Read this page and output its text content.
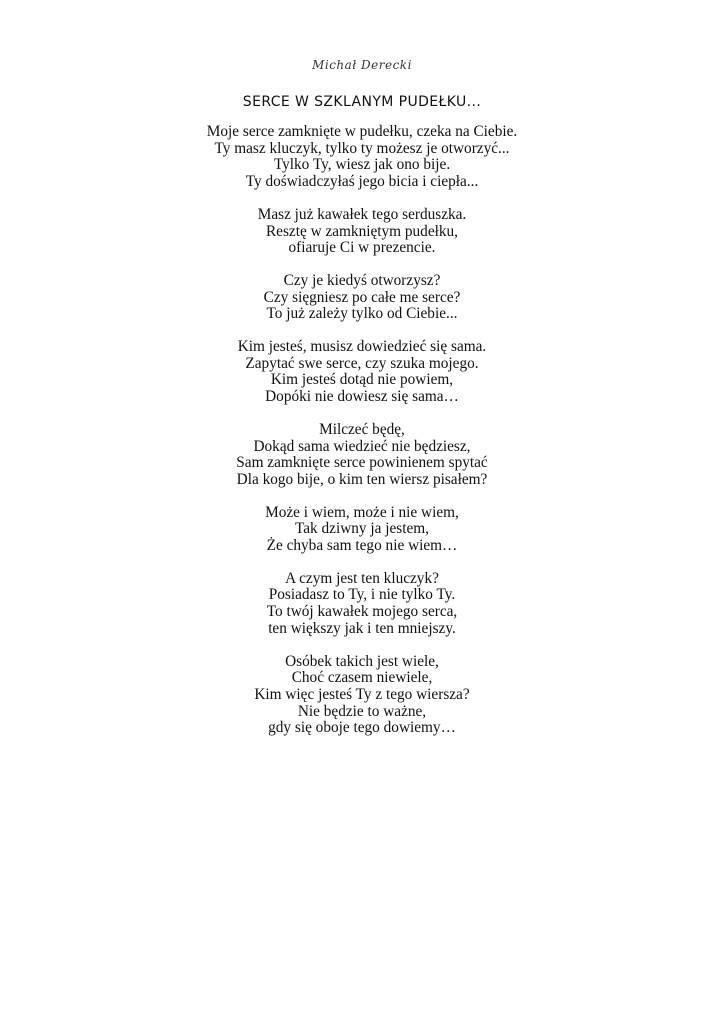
Michał Derecki
SERCE W SZKLANYM PUDEŁKU...
Moje serce zamknięte w pudełku, czeka na Ciebie.
Ty masz kluczyk, tylko ty możesz je otworzyć...
Tylko Ty, wiesz jak ono bije.
Ty doświadczyłaś jego bicia i ciepła...
Masz już kawałek tego serduszka.
Resztę w zamkniętym pudełku,
ofiaruje Ci w prezencie.
Czy je kiedyś otworzysz?
Czy sięgniesz po całe me serce?
To już zależy tylko od Ciebie...
Kim jesteś, musisz dowiedzieć się sama.
Zapytać swe serce, czy szuka mojego.
Kim jesteś dotąd nie powiem,
Dopóki nie dowiesz się sama…
Milczeć będę,
Dokąd sama wiedzieć nie będziesz,
Sam zamknięte serce powinienem spytać
Dla kogo bije, o kim ten wiersz pisałem?
Może i wiem, może i nie wiem,
Tak dziwny ja jestem,
Że chyba sam tego nie wiem…
A czym jest ten kluczyk?
Posiadasz to Ty, i nie tylko Ty.
To twój kawałek mojego serca,
ten większy jak i ten mniejszy.
Osóbek takich jest wiele,
Choć czasem niewiele,
Kim więc jesteś Ty z tego wiersza?
Nie będzie to ważne,
gdy się oboje tego dowiemy…
